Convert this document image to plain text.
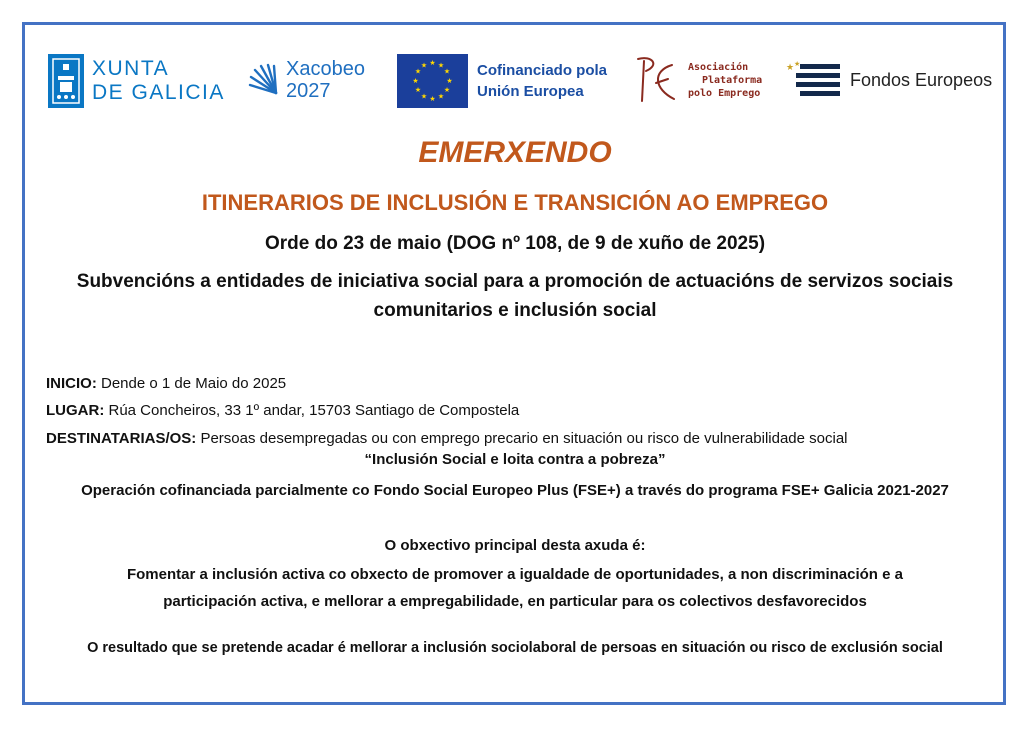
XUNTA
DE GALICIA
Xacobeo
2027
★ ★
★
★
★
★
★
★
★
★
★
★	Cofinanciado pola
Unión Europea
Asociación
Plataforma
polo Emprego
★ ★
Fondos Europeos
EMERXENDO
ITINERARIOS DE INCLUSIÓN E TRANSICIÓN AO EMPREGO
Orde do 23 de maio (DOG nº 108, de 9 de xuño de 2025)
Subvencións a entidades de iniciativa social para a promoción de actuacións de servizos sociais
comunitarios e inclusión social
INICIO: Dende o 1 de Maio do 2025
LUGAR: Rúa Concheiros, 33 1º andar, 15703 Santiago de Compostela
DESTINATARIAS/OS: Persoas desempregadas ou con emprego precario en situación ou risco de vulnerabilidade social
“Inclusión Social e loita contra a pobreza”
Operación cofinanciada parcialmente co Fondo Social Europeo Plus (FSE+) a través do programa FSE+ Galicia 2021-2027
O obxectivo principal desta axuda é:
Fomentar a inclusión activa co obxecto de promover a igualdade de oportunidades, a non discriminación e a
participación activa, e mellorar a empregabilidade, en particular para os colectivos desfavorecidos
O resultado que se pretende acadar é mellorar a inclusión sociolaboral de persoas en situación ou risco de exclusión social
